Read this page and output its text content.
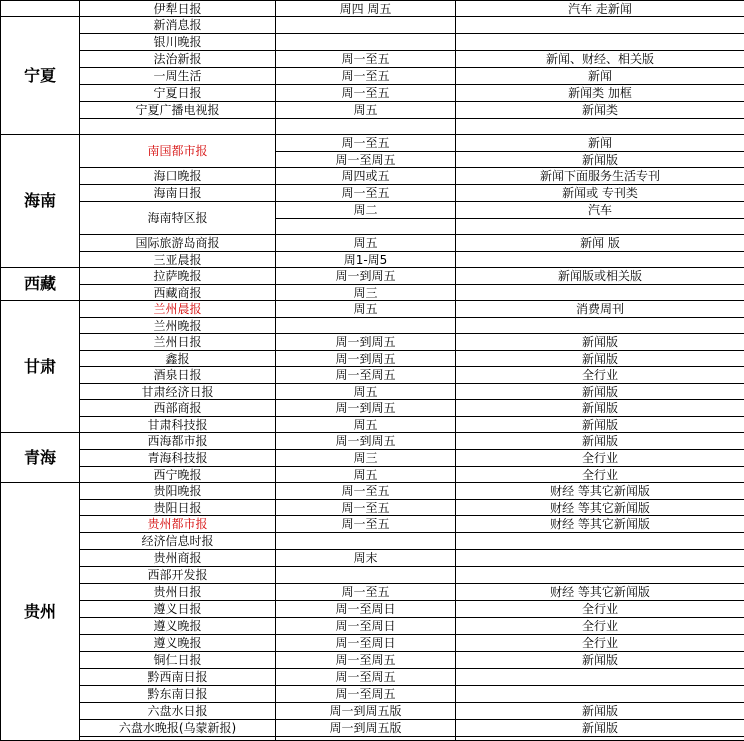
	伊犁日报	周四 周五	汽车 走新闻
宁夏	新消息报		
	银川晚报		
	法治新报	周一至五	新闻、财经、相关版
	一周生活	周一至五	新闻
	宁夏日报	周一至五	新闻类 加框
	宁夏广播电视报	周五	新闻类

海南	南国都市报	周一至五	新闻
		周一至周五	新闻版
	海口晚报	周四或五	新闻下面服务生活专刊
	海南日报	周一至五	新闻或 专刊类
	海南特区报	周二	汽车

	国际旅游岛商报	周五	新闻 版
	三亚晨报	周1-周5	
西藏	拉萨晚报	周一到周五	新闻版或相关版
	西藏商报	周三	
甘肃	兰州晨报	周五	消费周刊
	兰州晚报		
	兰州日报	周一到周五	新闻版
	鑫报	周一到周五	新闻版
	酒泉日报	周一至周五	全行业
	甘肃经济日报	周五	新闻版
	西部商报	周一到周五	新闻版
	甘肃科技报	周五	新闻版
青海	西海都市报	周一到周五	新闻版
	青海科技报	周三	全行业
	西宁晚报	周五	全行业
贵州	贵阳晚报	周一至五	财经 等其它新闻版
	贵阳日报	周一至五	财经 等其它新闻版
	贵州都市报	周一至五	财经 等其它新闻版
	经济信息时报		
	贵州商报	周末	
	西部开发报		
	贵州日报	周一至五	财经 等其它新闻版
	遵义日报	周一至周日	全行业
	遵义晚报	周一至周日	全行业
	遵义晚报	周一至周日	全行业
	铜仁日报	周一至周五	新闻版
	黔西南日报	周一至周五	
	黔东南日报	周一至周五	
	六盘水日报	周一到周五版	新闻版
	六盘水晚报(乌蒙新报)	周一到周五版	新闻版
